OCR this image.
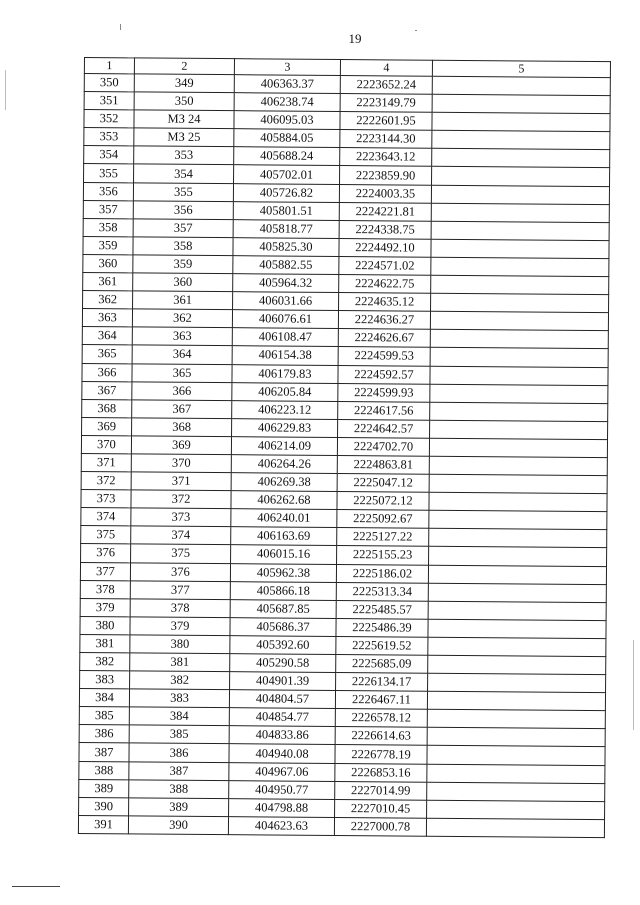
19
1	2	3	4	5
350	349	406363.37	2223652.24	
351	350	406238.74	2223149.79	
352	МЗ 24	406095.03	2222601.95	
353	МЗ 25	405884.05	2223144.30	
354	353	405688.24	2223643.12	
355	354	405702.01	2223859.90	
356	355	405726.82	2224003.35	
357	356	405801.51	2224221.81	
358	357	405818.77	2224338.75	
359	358	405825.30	2224492.10	
360	359	405882.55	2224571.02	
361	360	405964.32	2224622.75	
362	361	406031.66	2224635.12	
363	362	406076.61	2224636.27	
364	363	406108.47	2224626.67	
365	364	406154.38	2224599.53	
366	365	406179.83	2224592.57	
367	366	406205.84	2224599.93	
368	367	406223.12	2224617.56	
369	368	406229.83	2224642.57	
370	369	406214.09	2224702.70	
371	370	406264.26	2224863.81	
372	371	406269.38	2225047.12	
373	372	406262.68	2225072.12	
374	373	406240.01	2225092.67	
375	374	406163.69	2225127.22	
376	375	406015.16	2225155.23	
377	376	405962.38	2225186.02	
378	377	405866.18	2225313.34	
379	378	405687.85	2225485.57	
380	379	405686.37	2225486.39	
381	380	405392.60	2225619.52	
382	381	405290.58	2225685.09	
383	382	404901.39	2226134.17	
384	383	404804.57	2226467.11	
385	384	404854.77	2226578.12	
386	385	404833.86	2226614.63	
387	386	404940.08	2226778.19	
388	387	404967.06	2226853.16	
389	388	404950.77	2227014.99	
390	389	404798.88	2227010.45	
391	390	404623.63	2227000.78	
